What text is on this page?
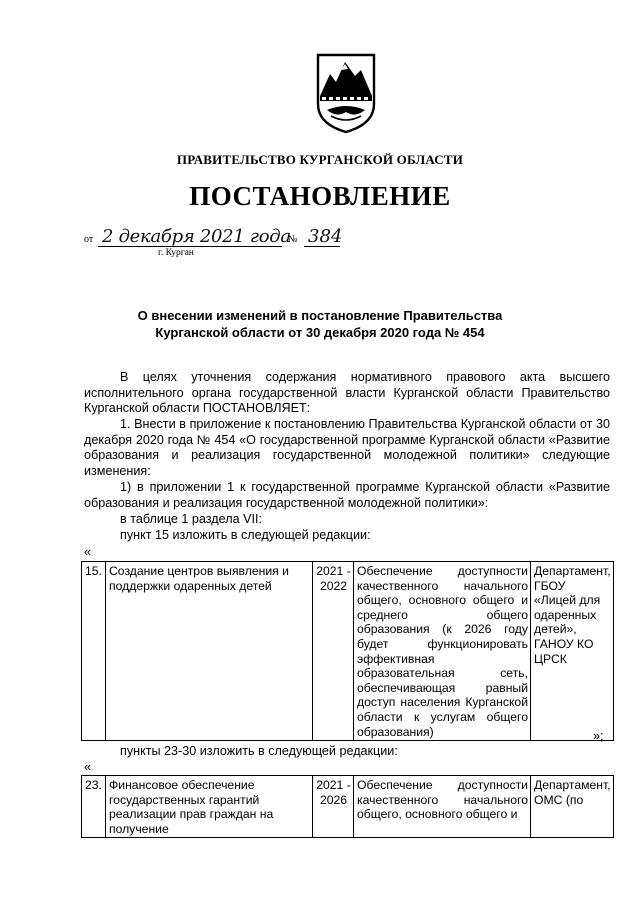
ПРАВИТЕЛЬСТВО КУРГАНСКОЙ ОБЛАСТИ
ПОСТАНОВЛЕНИЕ
от 2 декабря 2021 года
№ 384
г. Курган
О внесении изменений в постановление Правительства
Курганской области от 30 декабря 2020 года № 454
В целях уточнения содержания нормативного правового акта высшего исполнительного органа государственной власти Курганской области Правительство Курганской области ПОСТАНОВЛЯЕТ:
1. Внести в приложение к постановлению Правительства Курганской области от 30 декабря 2020 года № 454 «О государственной программе Курганской области «Развитие образования и реализация государственной молодежной политики» следующие изменения:
1) в приложении 1 к государственной программе Курганской области «Развитие образования и реализация государственной молодежной политики»:
в таблице 1 раздела VII:
пункт 15 изложить в следующей редакции:
«
15.	Создание центров выявления и поддержки одаренных детей	2021 - 2022	Обеспечение доступности качественного начального общего, основного общего и среднего общего образования (к 2026 году будет функционировать эффективная образовательная сеть, обеспечивающая равный доступ населения Курганской области к услугам общего образования)	Департамент, ГБОУ «Лицей для одаренных детей», ГАНОУ КО ЦРСК
»;
пункты 23-30 изложить в следующей редакции:
«
23.	Финансовое обеспечение государственных гарантий реализации прав граждан на получение	2021 - 2026	Обеспечение доступности качественного начального общего, основного общего и	Департамент, ОМС (по
